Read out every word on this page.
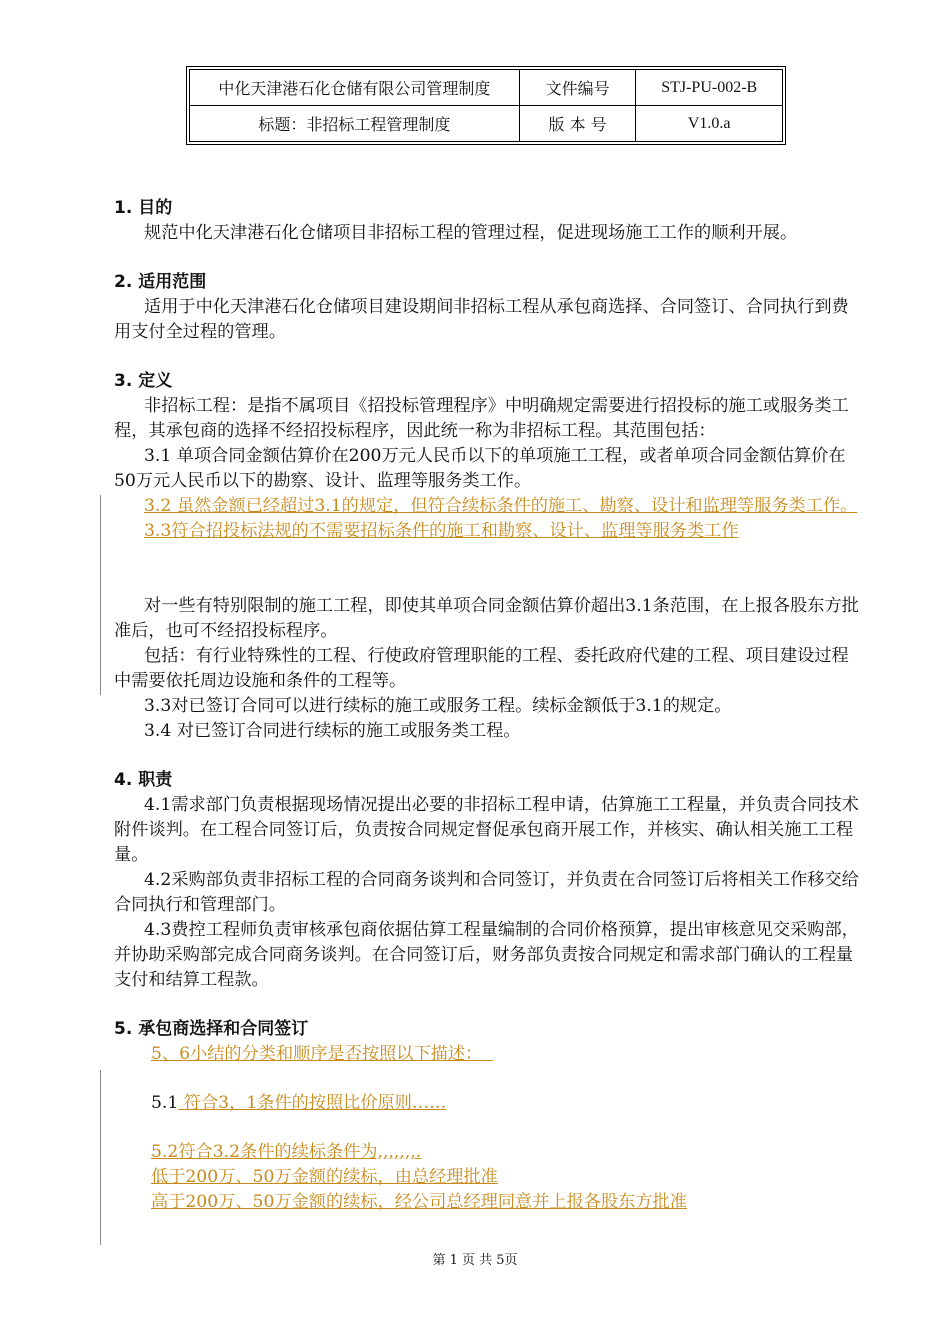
中化天津港石化仓储有限公司管理制度	文件编号	STJ-PU-002-B
标题：非招标工程管理制度	版 本 号	V1.0.a
1. 目的

规范中化天津港石化仓储项目非招标工程的管理过程，促进现场施工工作的顺利开展。

2. 适用范围

适用于中化天津港石化仓储项目建设期间非招标工程从承包商选择、合同签订、合同执行到费用支付全过程的管理。

3. 定义

非招标工程：是指不属项目《招投标管理程序》中明确规定需要进行招投标的施工或服务类工程，其承包商的选择不经招投标程序，因此统一称为非招标工程。其范围包括：

3.1 单项合同金额估算价在200万元人民币以下的单项施工工程，或者单项合同金额估算价在50万元人民币以下的勘察、设计、监理等服务类工作。

3.2 虽然金额已经超过3.1的规定，但符合续标条件的施工、勘察、设计和监理等服务类工作。

3.3符合招投标法规的不需要招标条件的施工和勘察、设计、监理等服务类工作

对一些有特别限制的施工工程，即使其单项合同金额估算价超出3.1条范围，在上报各股东方批准后，也可不经招投标程序。

包括：有行业特殊性的工程、行使政府管理职能的工程、委托政府代建的工程、项目建设过程中需要依托周边设施和条件的工程等。

3.3对已签订合同可以进行续标的施工或服务工程。续标金额低于3.1的规定。

3.4 对已签订合同进行续标的施工或服务类工程。

4. 职责

4.1需求部门负责根据现场情况提出必要的非招标工程申请，估算施工工程量，并负责合同技术附件谈判。在工程合同签订后，负责按合同规定督促承包商开展工作，并核实、确认相关施工工程量。

4.2采购部负责非招标工程的合同商务谈判和合同签订，并负责在合同签订后将相关工作移交给合同执行和管理部门。

4.3费控工程师负责审核承包商依据估算工程量编制的合同价格预算，提出审核意见交采购部，并协助采购部完成合同商务谈判。在合同签订后，财务部负责按合同规定和需求部门确认的工程量支付和结算工程款。

5. 承包商选择和合同签订

5、6小结的分类和顺序是否按照以下描述：

5.1 符合3，1条件的按照比价原则……

5.2符合3.2条件的续标条件为,,,,,,,.

低于200万、50万金额的续标，由总经理批准

高于200万、50万金额的续标，经公司总经理同意并上报各股东方批准

第 1 页 共 5页
